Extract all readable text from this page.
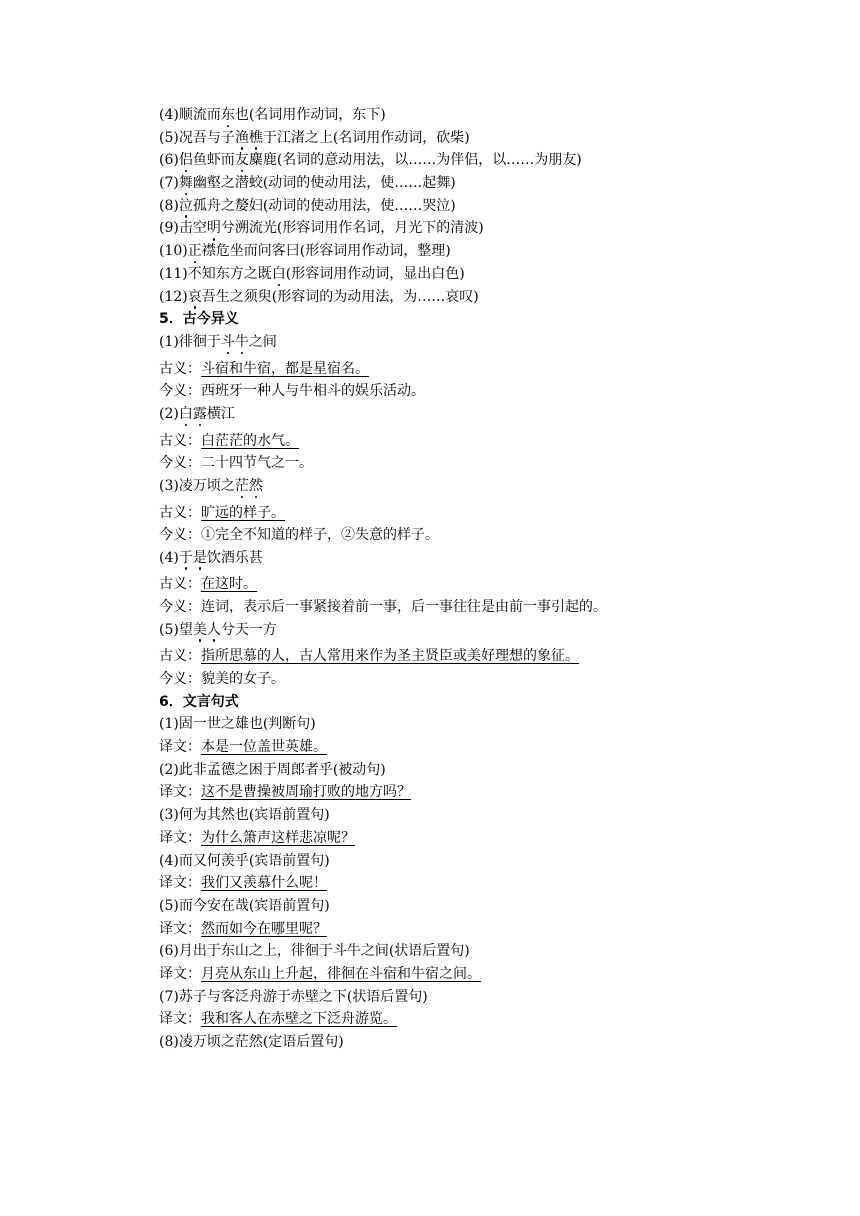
(4)顺流而东也(名词用作动词，东下)
(5)况吾与子渔樵于江渚之上(名词用作动词，砍柴)
(6)侣鱼虾而友麋鹿(名词的意动用法，以……为伴侣，以……为朋友)
(7)舞幽壑之潜蛟(动词的使动用法，使……起舞)
(8)泣孤舟之嫠妇(动词的使动用法，使……哭泣)
(9)击空明兮溯流光(形容词用作名词，月光下的清波)
(10)正襟危坐而问客曰(形容词用作动词，整理)
(11)不知东方之既白(形容词用作动词，显出白色)
(12)哀吾生之须臾(形容词的为动用法，为……哀叹)
5．古今异义
(1)徘徊于斗牛之间
古义：斗宿和牛宿，都是星宿名。
今义：西班牙一种人与牛相斗的娱乐活动。
(2)白露横江
古义：白茫茫的水气。
今义：二十四节气之一。
(3)凌万顷之茫然
古义：旷远的样子。
今义：①完全不知道的样子，②失意的样子。
(4)于是饮酒乐甚
古义：在这时。
今义：连词，表示后一事紧接着前一事，后一事往往是由前一事引起的。
(5)望美人兮天一方
古义：指所思慕的人，古人常用来作为圣主贤臣或美好理想的象征。
今义：貌美的女子。
6．文言句式
(1)固一世之雄也(判断句)
译文：本是一位盖世英雄。
(2)此非孟德之困于周郎者乎(被动句)
译文：这不是曹操被周瑜打败的地方吗？
(3)何为其然也(宾语前置句)
译文：为什么箫声这样悲凉呢？
(4)而又何羡乎(宾语前置句)
译文：我们又羡慕什么呢！
(5)而今安在哉(宾语前置句)
译文：然而如今在哪里呢？
(6)月出于东山之上，徘徊于斗牛之间(状语后置句)
译文：月亮从东山上升起，徘徊在斗宿和牛宿之间。
(7)苏子与客泛舟游于赤壁之下(状语后置句)
译文：我和客人在赤壁之下泛舟游览。
(8)凌万顷之茫然(定语后置句)
